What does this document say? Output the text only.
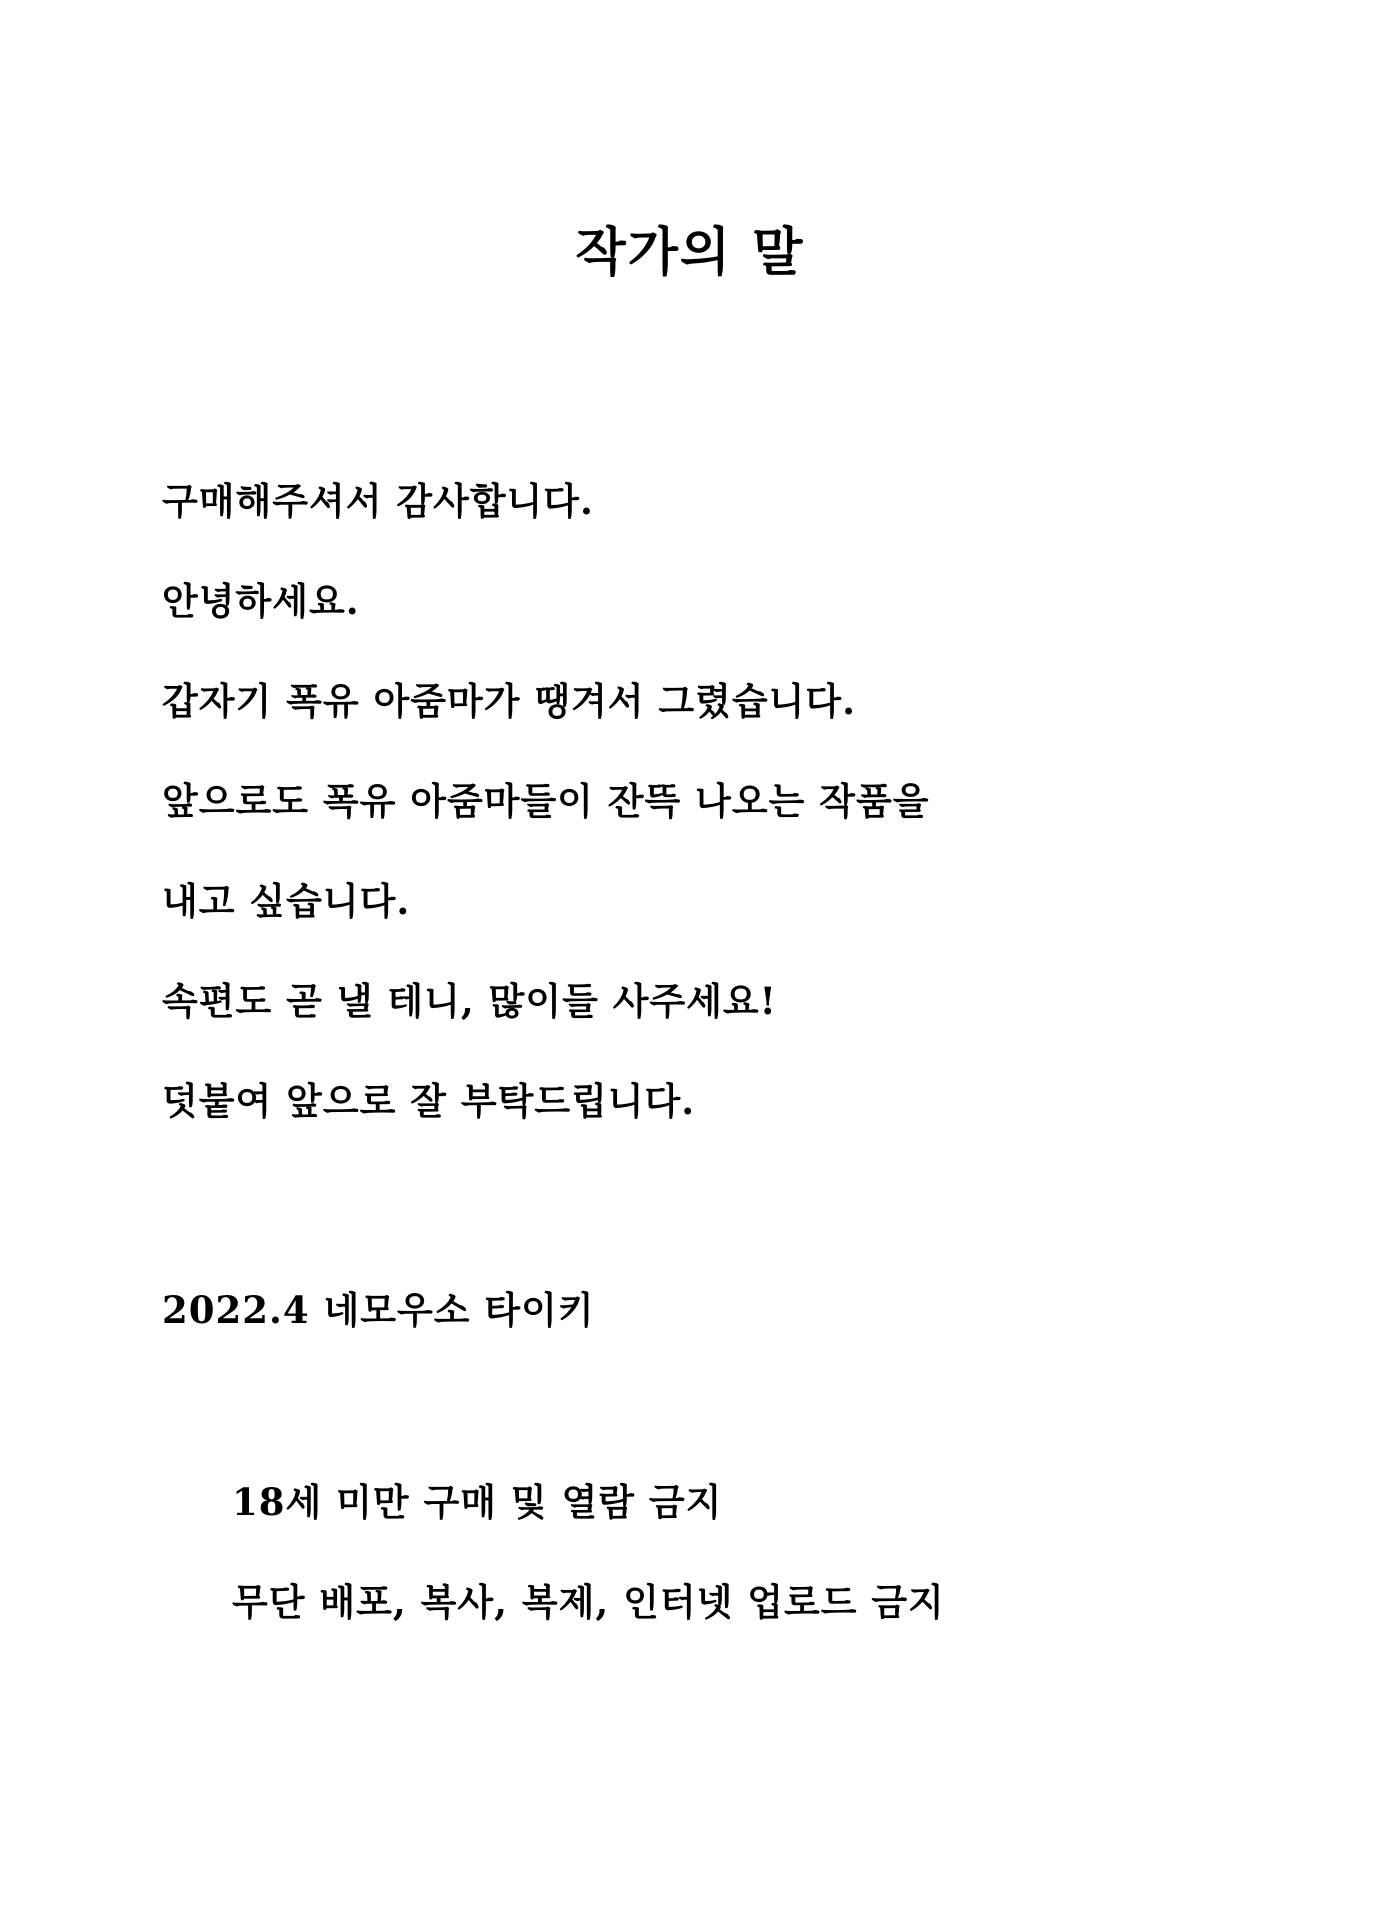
작가의 말

구매해주셔서 감사합니다.

안녕하세요.

갑자기 폭유 아줌마가 땡겨서 그렸습니다.

앞으로도 폭유 아줌마들이 잔뜩 나오는 작품을

내고 싶습니다.

속편도 곧 낼 테니, 많이들 사주세요!

덧붙여 앞으로 잘 부탁드립니다.

2022.4 네모우소 타이키

18세 미만 구매 및 열람 금지

무단 배포, 복사, 복제, 인터넷 업로드 금지
